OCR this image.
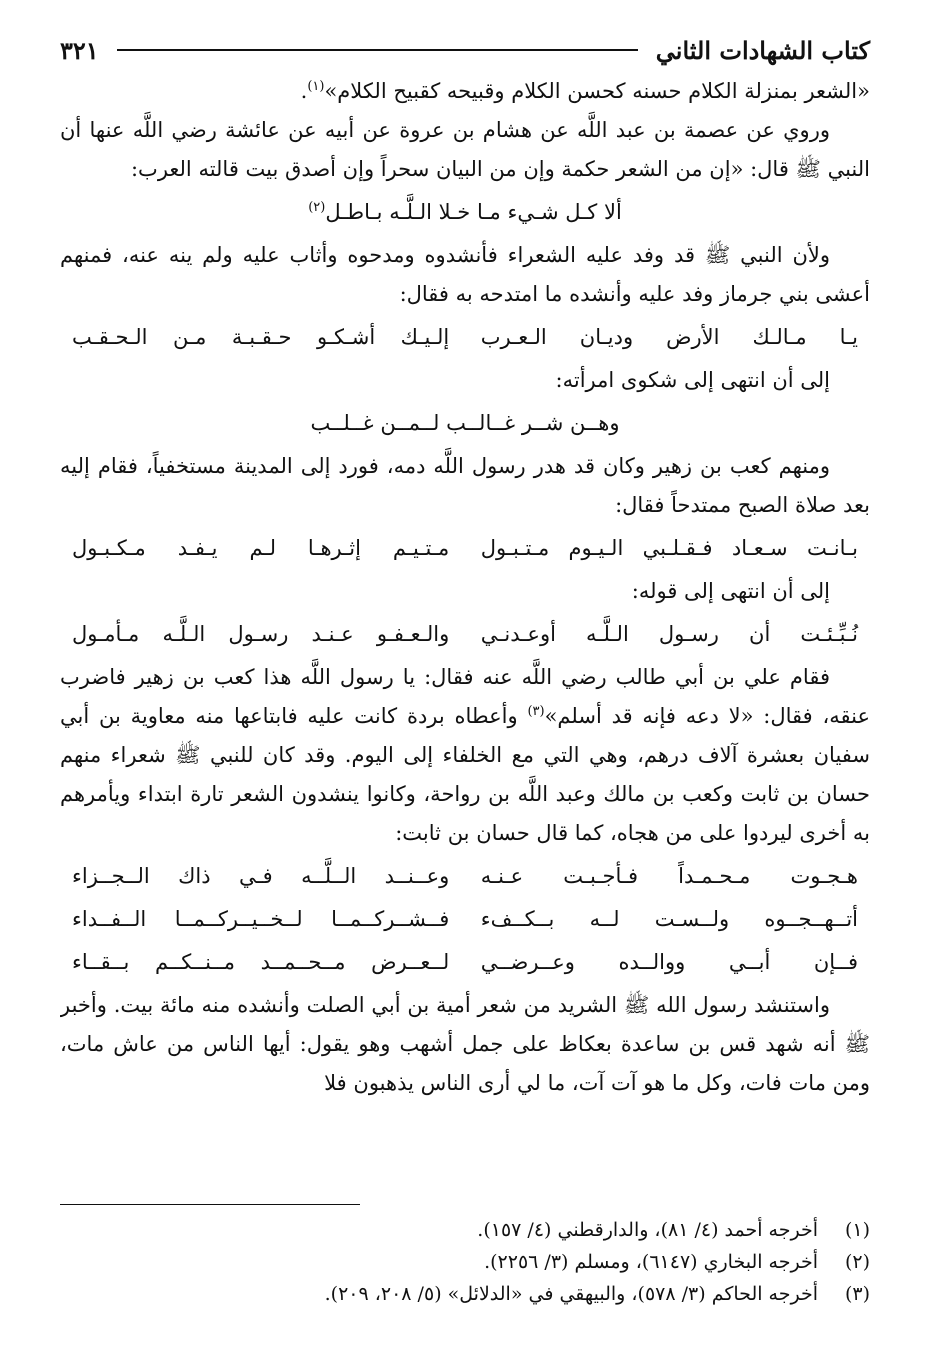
كتاب الشهادات الثاني
٣٢١

«الشعر بمنزلة الكلام حسنه كحسن الكلام وقبيحه كقبيح الكلام»$^{(١)}$.

وروي عن عصمة بن عبد اللَّه عن هشام بن عروة عن أبيه عن عائشة رضي اللَّه عنها أن النبي ﷺ قال: «إن من الشعر حكمة وإن من البيان سحراً وإن أصدق بيت قالته العرب:

ألا كـل شـيء مـا خـلا الـلَّـه بـاطـل$^{(٢)}$

ولأن النبي ﷺ قد وفد عليه الشعراء فأنشدوه ومدحوه وأثاب عليه ولم ينه عنه، فمنهم أعشى بني جرماز وفد عليه وأنشده ما امتدحه به فقال:

يـا مـالـك الأرض وديـان الـعـرب
إلـيـك أشـكـو حـقـبـة مـن الـحـقـب

إلى أن انتهى إلى شكوى امرأته:

وهــن شــر غــالــب لــمــن غــلــب

ومنهم كعب بن زهير وكان قد هدر رسول اللَّه دمه، فورد إلى المدينة مستخفياً، فقام إليه بعد صلاة الصبح ممتدحاً فقال:

بـانـت سـعـاد فـقـلـبي الـيـوم مـتـبـول
مـتـيـم إثـرهـا لـم يـفـد مـكـبـول

إلى أن انتهى إلى قوله:

نُـبِّـئـت أن رسـول الـلَّـه أوعـدنـي
والـعـفـو عـنـد رسـول الـلَّـه مـأمـول

فقام علي بن أبي طالب رضي اللَّه عنه فقال: يا رسول اللَّه هذا كعب بن زهير فاضرب عنقه، فقال: «لا دعه فإنه قد أسلم»$^{(٣)}$ وأعطاه بردة كانت عليه فابتاعها منه معاوية بن أبي سفيان بعشرة آلاف درهم، وهي التي مع الخلفاء إلى اليوم. وقد كان للنبي ﷺ شعراء منهم حسان بن ثابت وكعب بن مالك وعبد اللَّه بن رواحة، وكانوا ينشدون الشعر تارة ابتداء ويأمرهم به أخرى ليردوا على من هجاه، كما قال حسان بن ثابت:

هـجـوت مـحـمـداً فـأجـبـت عـنـه
وعــنــد الــلَّــه فـي ذاك الــجــزاء
أتــهــجــوه ولــسـت لــه بــكــفء
فــشــركــمــا لــخــيــركــمــا الــفــداء
فــإن أبــي ووالــده وعــرضــي
لــعــرض مــحــمــد مــنــكــم بــقــاء

واستنشد رسول الله ﷺ الشريد من شعر أمية بن أبي الصلت وأنشده منه مائة بيت. وأخبر ﷺ أنه شهد قس بن ساعدة بعكاظ على جمل أشهب وهو يقول: أيها الناس من عاش مات، ومن مات فات، وكل ما هو آت آت، ما لي أرى الناس يذهبون فلا

(١)
أخرجه أحمد (٤/ ٨١)، والدارقطني (٤/ ١٥٧).
(٢)
أخرجه البخاري (٦١٤٧)، ومسلم (٣/ ٢٢٥٦).
(٣)
أخرجه الحاكم (٣/ ٥٧٨)، والبيهقي في «الدلائل» (٥/ ٢٠٨، ٢٠٩).
